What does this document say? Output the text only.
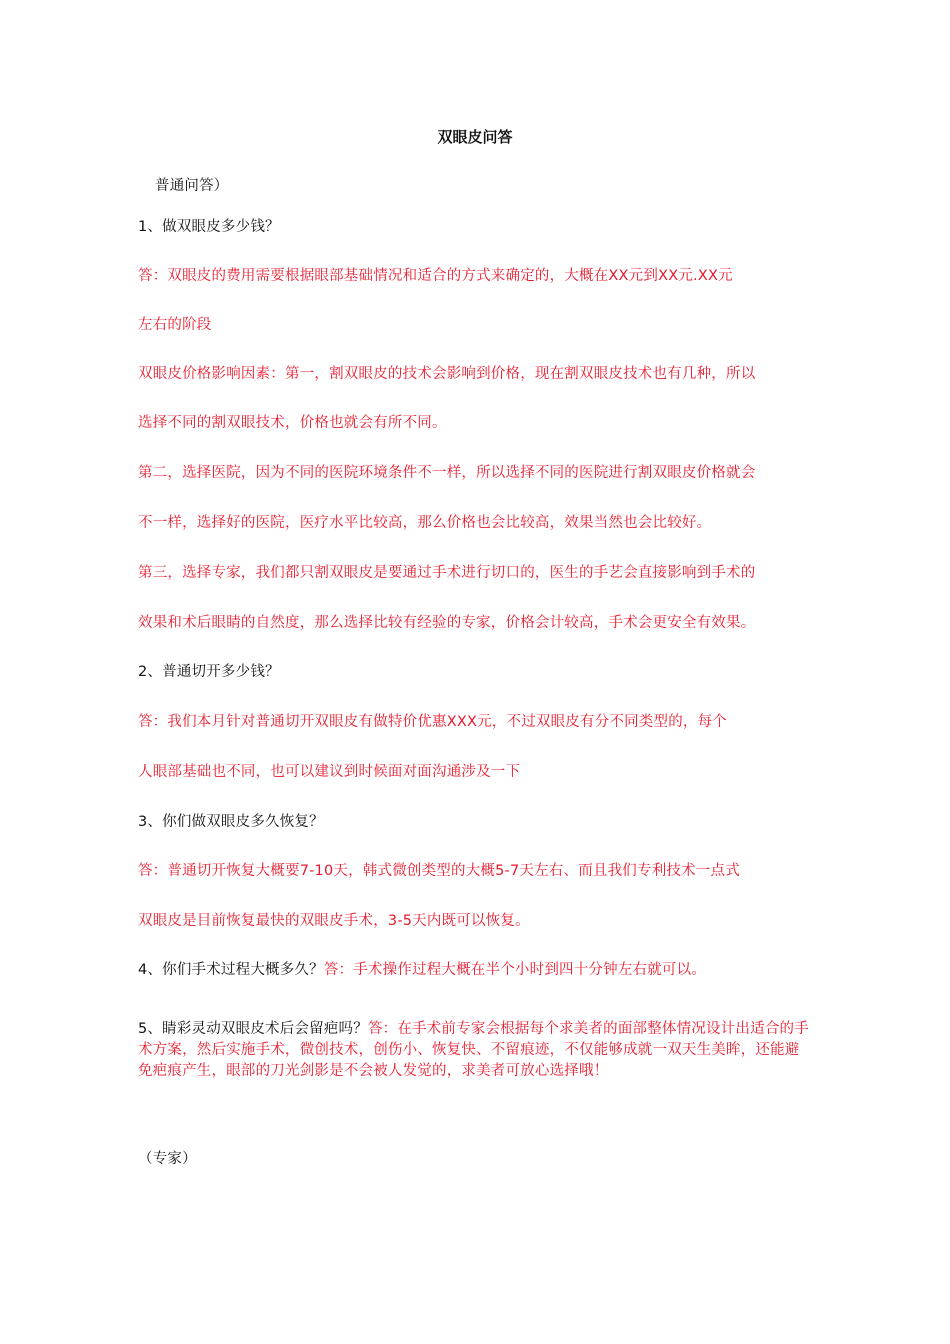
双眼皮问答
普通问答）
1、做双眼皮多少钱？
答：双眼皮的费用需要根据眼部基础情况和适合的方式来确定的，大概在XX元到XX元.XX元
左右的阶段
双眼皮价格影响因素：第一，割双眼皮的技术会影响到价格，现在割双眼皮技术也有几种，所以
选择不同的割双眼技术，价格也就会有所不同。
第二，选择医院，因为不同的医院环境条件不一样，所以选择不同的医院进行割双眼皮价格就会
不一样，选择好的医院，医疗水平比较高，那么价格也会比较高，效果当然也会比较好。
第三，选择专家，我们都只割双眼皮是要通过手术进行切口的，医生的手艺会直接影响到手术的
效果和术后眼睛的自然度，那么选择比较有经验的专家，价格会计较高，手术会更安全有效果。
2、普通切开多少钱？
答：我们本月针对普通切开双眼皮有做特价优惠XXX元，不过双眼皮有分不同类型的，每个
人眼部基础也不同，也可以建议到时候面对面沟通涉及一下
3、你们做双眼皮多久恢复？
答：普通切开恢复大概要7-10天，韩式微创类型的大概5-7天左右、而且我们专利技术一点式
双眼皮是目前恢复最快的双眼皮手术，3-5天内既可以恢复。
4、你们手术过程大概多久？答：手术操作过程大概在半个小时到四十分钟左右就可以。
5、睛彩灵动双眼皮术后会留疤吗？答：在手术前专家会根据每个求美者的面部整体情况设计出适合的手术方案，然后实施手术，微创技术，创伤小、恢复快、不留痕迹，不仅能够成就一双天生美眸，还能避免疤痕产生，眼部的刀光剑影是不会被人发觉的，求美者可放心选择哦！
（专家）
